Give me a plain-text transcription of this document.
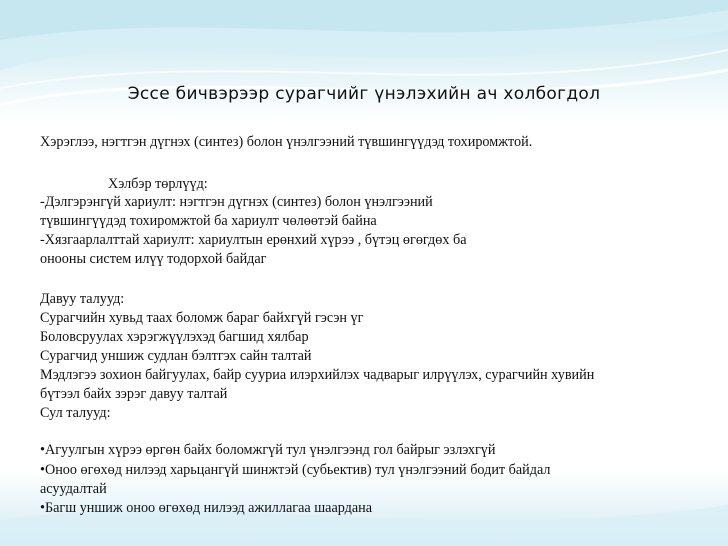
Эссе бичвэрээр сурагчийг үнэлэхийн ач холбогдол
Хэрэглээ, нэгтгэн дүгнэх (синтез) болон үнэлгээний түвшингүүдэд тохиромжтой.
Хэлбэр төрлүүд:
-Дэлгэрэнгүй хариулт: нэгтгэн дүгнэх (синтез) болон үнэлгээний
түвшингүүдэд тохиромжтой ба хариулт чөлөөтэй байна
-Хязгаарлалттай хариулт: хариултын ерөнхий хүрээ , бүтэц өгөгдөх ба
онооны систем илүү тодорхой байдаг
Давуу талууд:
Сурагчийн хувьд таах боломж бараг байхгүй гэсэн үг
Боловсруулах хэрэгжүүлэхэд багшид хялбар
Сурагчид уншиж судлан бэлтгэх сайн талтай
Мэдлэгээ зохион байгуулах, байр сууриа илэрхийлэх чадварыг илрүүлэх, сурагчийн хувийн
бүтээл байх зэрэг давуу талтай
Сул талууд:
•Агуулгын хүрээ өргөн байх боломжгүй тул үнэлгээнд гол байрыг эзлэхгүй
•Оноо өгөхөд нилээд харьцангүй шинжтэй (субьектив) тул үнэлгээний бодит байдал
асуудалтай
•Багш уншиж оноо өгөхөд нилээд ажиллагаа шаардана
